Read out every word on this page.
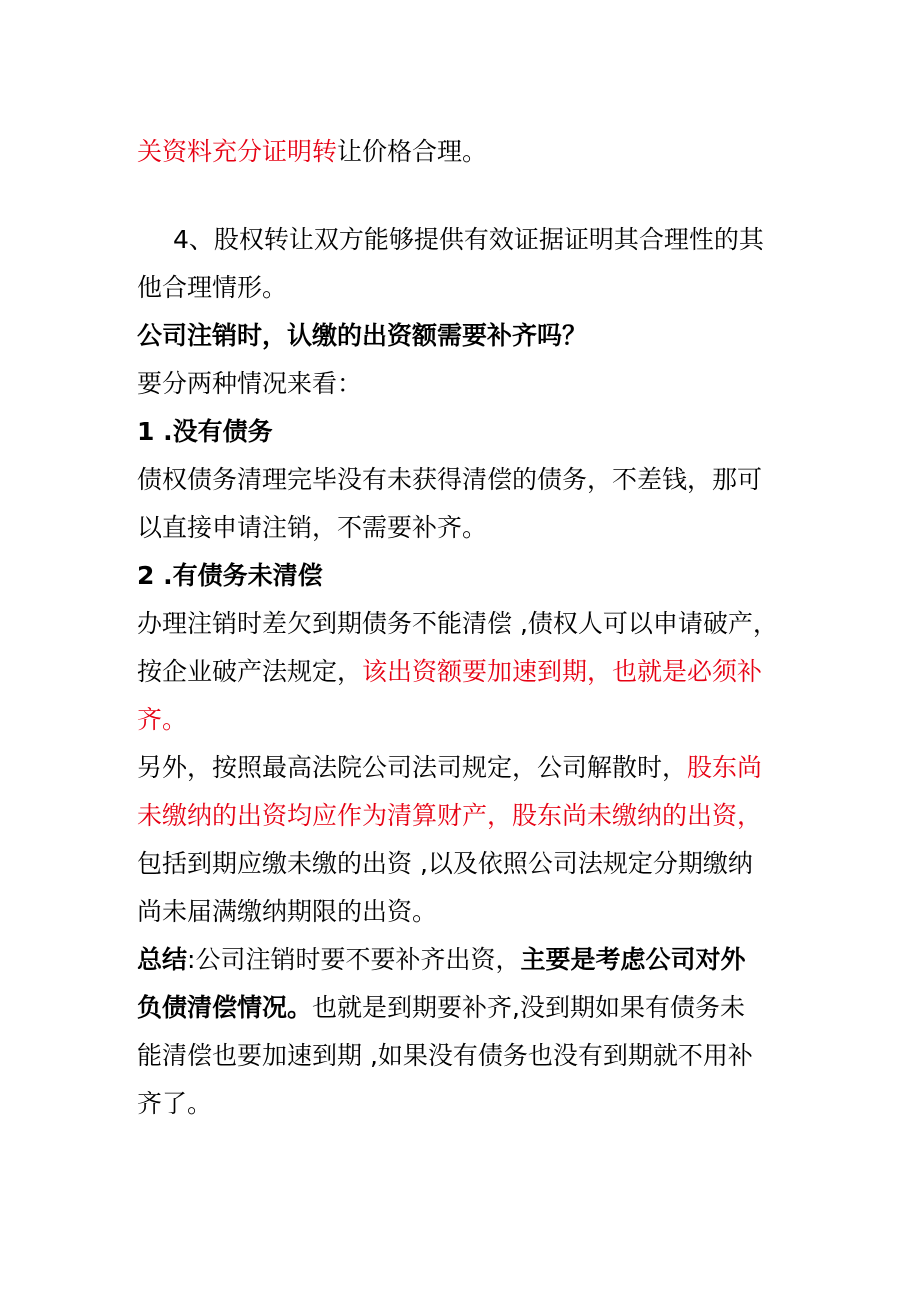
关资料充分证明转让价格合理。
4、股权转让双方能够提供有效证据证明其合理性的其
他合理情形。
公司注销时，认缴的出资额需要补齐吗？
要分两种情况来看：
1 .没有债务
债权债务清理完毕没有未获得清偿的债务，不差钱，那可
以直接申请注销，不需要补齐。
2 .有债务未清偿
办理注销时差欠到期债务不能清偿 ,债权人可以申请破产，
按企业破产法规定，该出资额要加速到期，也就是必须补
齐。
另外，按照最高法院公司法司规定，公司解散时，股东尚
未缴纳的出资均应作为清算财产，股东尚未缴纳的出资，
包括到期应缴未缴的出资 ,以及依照公司法规定分期缴纳
尚未届满缴纳期限的出资。
总结:公司注销时要不要补齐出资，主要是考虑公司对外
负债清偿情况。也就是到期要补齐,没到期如果有债务未
能清偿也要加速到期 ,如果没有债务也没有到期就不用补
齐了。
